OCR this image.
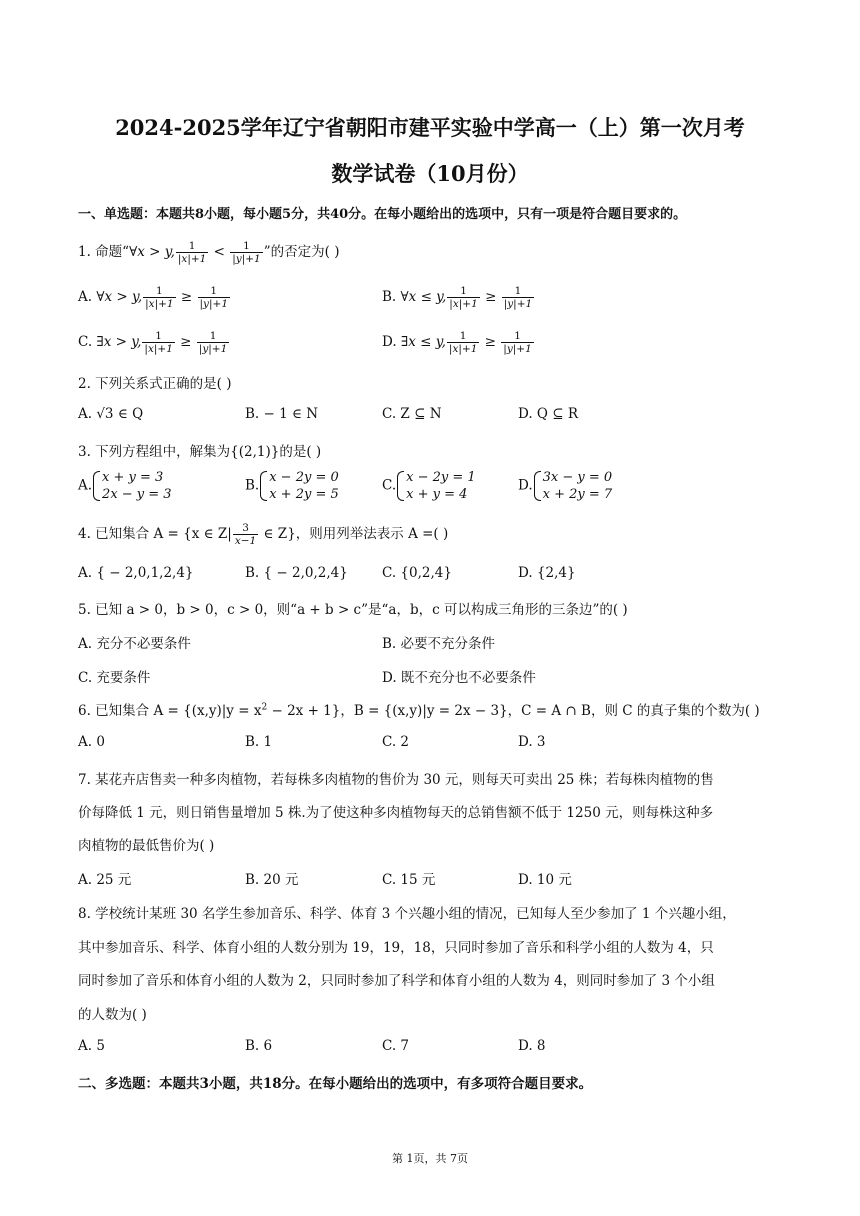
2024-2025学年辽宁省朝阳市建平实验中学高一（上）第一次月考
数学试卷（10月份）
一、单选题：本题共8小题，每小题5分，共40分。在每小题给出的选项中，只有一项是符合题目要求的。
1. 命题“∀x > y, $\frac{1}{|x|+1} < \frac{1}{|y|+1}$ ”的否定为( )
A. ∀x > y, $\frac{1}{|x|+1} \ge \frac{1}{|y|+1}$	B. ∀x ≤ y, $\frac{1}{|x|+1} \ge \frac{1}{|y|+1}$
C. ∃x > y, $\frac{1}{|x|+1} \ge \frac{1}{|y|+1}$	D. ∃x ≤ y, $\frac{1}{|x|+1} \ge \frac{1}{|y|+1}$
2. 下列关系式正确的是( )
A. √3 ∈ Q	B. − 1 ∈ N	C. Z ⊆ N	D. Q ⊆ R
3. 下列方程组中，解集为{(2,1)}的是( )
A. x + y = 3
2x − y = 3
B. x − 2y = 0
x + 2y = 5
C. x − 2y = 1
x + y = 4
D. 3x − y = 0
x + 2y = 7
4. 已知集合 A = {x ∈ $Z| \frac{3}{x-1}$ ∈ Z}，则用列举法表示 A =( )
A. { − 2,0,1,2,4}	B. { − 2,0,2,4}	C. {0,2,4}	D. {2,4}
5. 已知 a > 0，b > 0，c > 0，则“a + b > c”是“a，b，c 可以构成三角形的三条边”的( )
A. 充分不必要条件	B. 必要不充分条件
C. 充要条件	D. 既不充分也不必要条件
6. 已知集合 $A = \{(x,y)|y = x^2 - 2x + 1\}$，B = {(x,y)|y = 2x − 3}，C = A ∩ B，则 C 的真子集的个数为( )
A. 0	B. 1	C. 2	D. 3
7. 某花卉店售卖一种多肉植物，若每株多肉植物的售价为 30 元，则每天可卖出 25 株；若每株肉植物的售
价每降低 1 元，则日销售量增加 5 株.为了使这种多肉植物每天的总销售额不低于 1250 元，则每株这种多
肉植物的最低售价为( )
A. 25 元	B. 20 元	C. 15 元	D. 10 元
8. 学校统计某班 30 名学生参加音乐、科学、体育 3 个兴趣小组的情况，已知每人至少参加了 1 个兴趣小组，
其中参加音乐、科学、体育小组的人数分别为 19，19，18，只同时参加了音乐和科学小组的人数为 4，只
同时参加了音乐和体育小组的人数为 2，只同时参加了科学和体育小组的人数为 4，则同时参加了 3 个小组
的人数为( )
A. 5	B. 6	C. 7	D. 8
二、多选题：本题共3小题，共18分。在每小题给出的选项中，有多项符合题目要求。
第 1页，共 7页
